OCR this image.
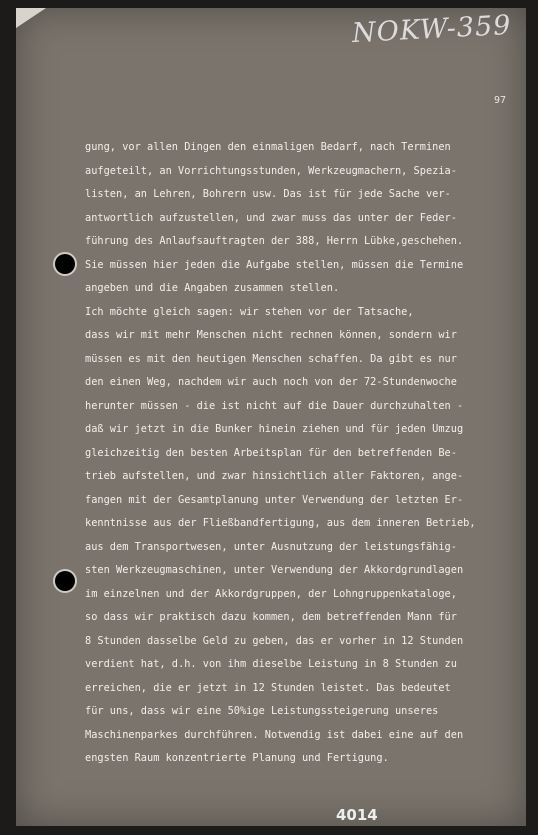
NOKW-359
97
gung, vor allen Dingen den einmaligen Bedarf, nach Terminen
aufgeteilt, an Vorrichtungsstunden, Werkzeugmachern, Spezia-
listen, an Lehren, Bohrern usw. Das ist für jede Sache ver-
antwortlich aufzustellen, und zwar muss das unter der Feder-
führung des Anlaufsauftragten der 388, Herrn Lübke,geschehen.
Sie müssen hier jeden die Aufgabe stellen, müssen die Termine
angeben und die Angaben zusammen stellen.
Ich möchte gleich sagen: wir stehen vor der Tatsache,
dass wir mit mehr Menschen nicht rechnen können, sondern wir
müssen es mit den heutigen Menschen schaffen. Da gibt es nur
den einen Weg, nachdem wir auch noch von der 72-Stundenwoche
herunter müssen - die ist nicht auf die Dauer durchzuhalten -
daß wir jetzt in die Bunker hinein ziehen und für jeden Umzug
gleichzeitig den besten Arbeitsplan für den betreffenden Be-
trieb aufstellen, und zwar hinsichtlich aller Faktoren, ange-
fangen mit der Gesamtplanung unter Verwendung der letzten Er-
kenntnisse aus der Fließbandfertigung, aus dem inneren Betrieb,
aus dem Transportwesen, unter Ausnutzung der leistungsfähig-
sten Werkzeugmaschinen, unter Verwendung der Akkordgrundlagen
im einzelnen und der Akkordgruppen, der Lohngruppenkataloge,
so dass wir praktisch dazu kommen, dem betreffenden Mann für
8 Stunden dasselbe Geld zu geben, das er vorher in 12 Stunden
verdient hat, d.h. von ihm dieselbe Leistung in 8 Stunden zu
erreichen, die er jetzt in 12 Stunden leistet. Das bedeutet
für uns, dass wir eine 50%ige Leistungssteigerung unseres
Maschinenparkes durchführen. Notwendig ist dabei eine auf den
engsten Raum konzentrierte Planung und Fertigung.
4014
